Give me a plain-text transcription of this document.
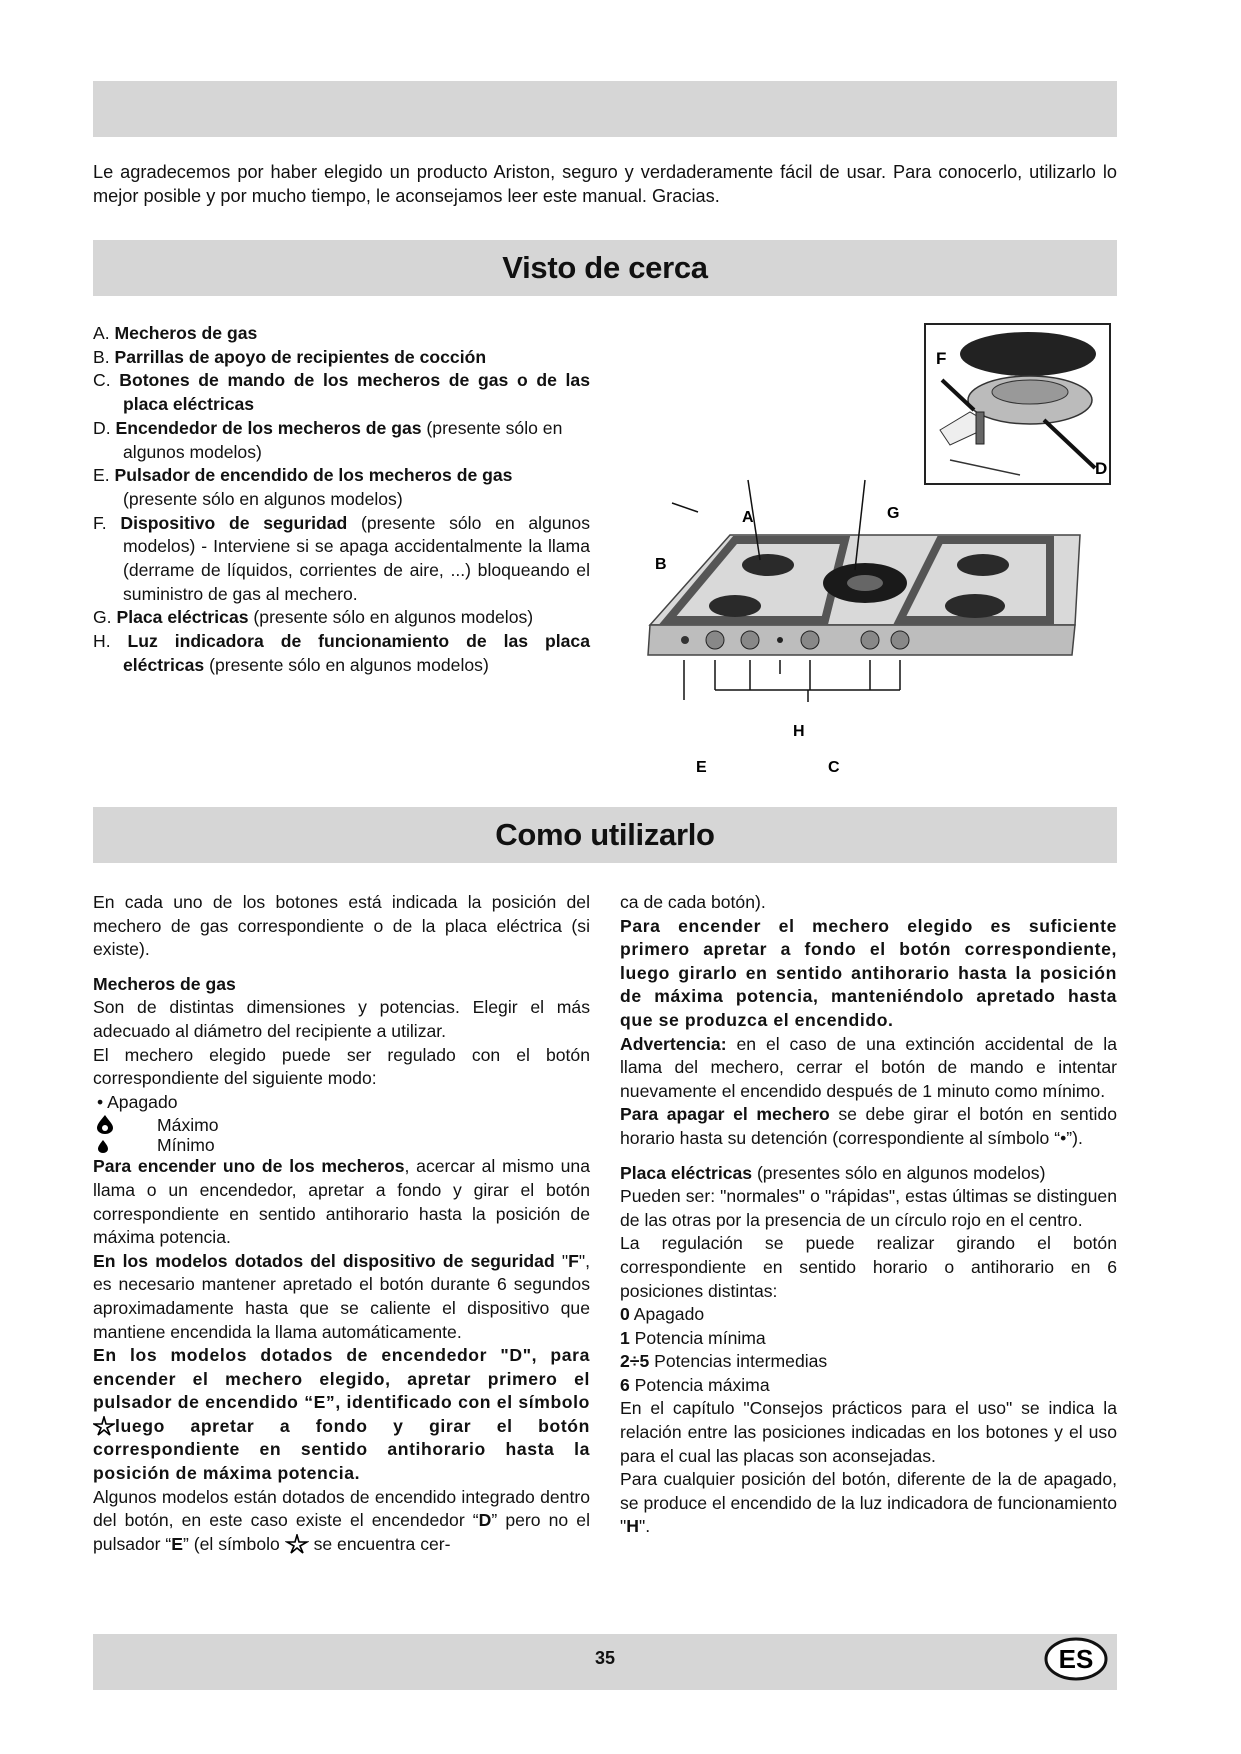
Le agradecemos por haber elegido un producto Ariston, seguro y verdaderamente fácil de usar. Para conocerlo, utilizarlo lo mejor posible y por mucho tiempo, le aconsejamos leer este manual. Gracias.

Visto de cerca
A. Mecheros de gas
B. Parrillas de apoyo de recipientes de cocción
C. Botones de mando de los mecheros de gas o de las placa eléctricas
D. Encendedor de los mecheros de gas (presente sólo en algunos modelos)
E. Pulsador de encendido de los mecheros de gas (presente sólo en algunos modelos)
F. Dispositivo de seguridad (presente sólo en algunos modelos) - Interviene si se apaga accidentalmente la llama (derrame de líquidos, corrientes de aire, ...) bloqueando el suministro de gas al mechero.
G. Placa eléctricas (presente sólo en algunos modelos)
H. Luz indicadora de funcionamiento de las placa eléctricas (presente sólo en algunos modelos)
F
D
A
B
G
H
E	C
Como utilizarlo
En cada uno de los botones está indicada la posición del mechero de gas correspondiente o de la placa eléctrica (si existe).
Mecheros de gas
Son de distintas dimensiones y potencias. Elegir el más adecuado al diámetro del recipiente a utilizar.
El mechero elegido puede ser regulado con el botón correspondiente del siguiente modo:
• Apagado
Máximo
Mínimo
Para encender uno de los mecheros, acercar al mismo una llama o un encendedor, apretar a fondo y girar el botón correspondiente en sentido antihorario hasta la posición de máxima potencia.
En los modelos dotados del dispositivo de seguridad "F", es necesario mantener apretado el botón durante 6 segundos aproximadamente hasta que se caliente el dispositivo que mantiene encendida la llama automáticamente.
En los modelos dotados de encendedor "D", para encender el mechero elegido, apretar primero el pulsador de encendido “E”, identificado con el símbolo luego apretar a fondo y girar el botón correspondiente en sentido antihorario hasta la posición de máxima potencia.
Algunos modelos están dotados de encendido integrado dentro del botón, en este caso existe el encendedor “D” pero no el pulsador “E” (el símbolo se encuentra cer-
ca de cada botón).
Para encender el mechero elegido es suficiente primero apretar a fondo el botón correspondiente, luego girarlo en sentido antihorario hasta la posición de máxima potencia, manteniéndolo apretado hasta que se produzca el encendido.
Advertencia: en el caso de una extinción accidental de la llama del mechero, cerrar el botón de mando e intentar nuevamente el encendido después de 1 minuto como mínimo.
Para apagar el mechero se debe girar el botón en sentido horario hasta su detención (correspondiente al símbolo “•”).
Placa eléctricas (presentes sólo en algunos modelos)
Pueden ser: "normales" o "rápidas", estas últimas se distinguen de las otras por la presencia de un círculo rojo en el centro.
La regulación se puede realizar girando el botón correspondiente en sentido horario o antihorario en 6 posiciones distintas:
0 Apagado
1 Potencia mínima
2÷5 Potencias intermedias
6 Potencia máxima
En el capítulo "Consejos prácticos para el uso" se indica la relación entre las posiciones indicadas en los botones y el uso para el cual las placas son aconsejadas.
Para cualquier posición del botón, diferente de la de apagado, se produce el encendido de la luz indicadora de funcionamiento "H".
35	ES
